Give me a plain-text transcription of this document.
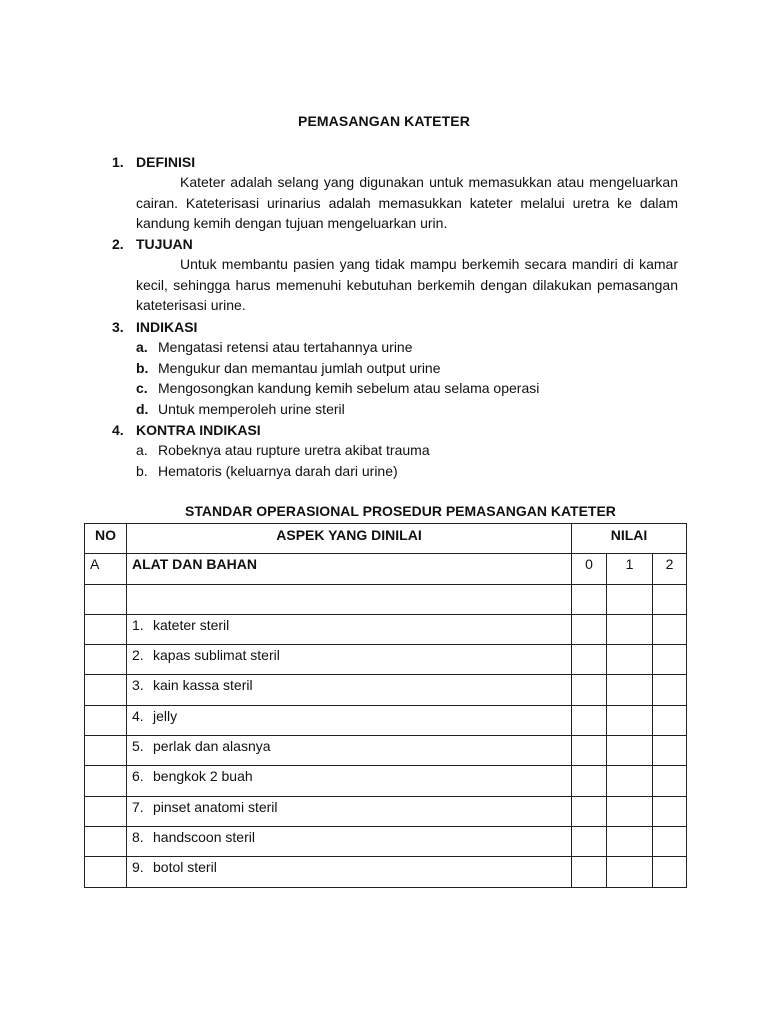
PEMASANGAN KATETER
1. DEFINISI
Kateter adalah selang yang digunakan untuk memasukkan atau mengeluarkan cairan. Kateterisasi urinarius adalah memasukkan kateter melalui uretra ke dalam kandung kemih dengan tujuan mengeluarkan urin.
2. TUJUAN
Untuk membantu pasien yang tidak mampu berkemih secara mandiri di kamar kecil, sehingga harus memenuhi kebutuhan berkemih dengan dilakukan pemasangan kateterisasi urine.
3. INDIKASI
a. Mengatasi retensi atau tertahannya urine
b. Mengukur dan memantau jumlah output urine
c. Mengosongkan kandung kemih sebelum atau selama operasi
d. Untuk memperoleh urine steril
4. KONTRA INDIKASI
a. Robeknya atau rupture uretra akibat trauma
b. Hematoris (keluarnya darah dari urine)
STANDAR OPERASIONAL PROSEDUR PEMASANGAN KATETER
NO	ASPEK YANG DINILAI	NILAI		
A	ALAT DAN BAHAN	0	1	2

	1. kateter steril			
	2. kapas sublimat steril			
	3. kain kassa steril			
	4. jelly			
	5. perlak dan alasnya			
	6. bengkok 2 buah			
	7. pinset anatomi steril			
	8. handscoon steril			
	9. botol steril			
